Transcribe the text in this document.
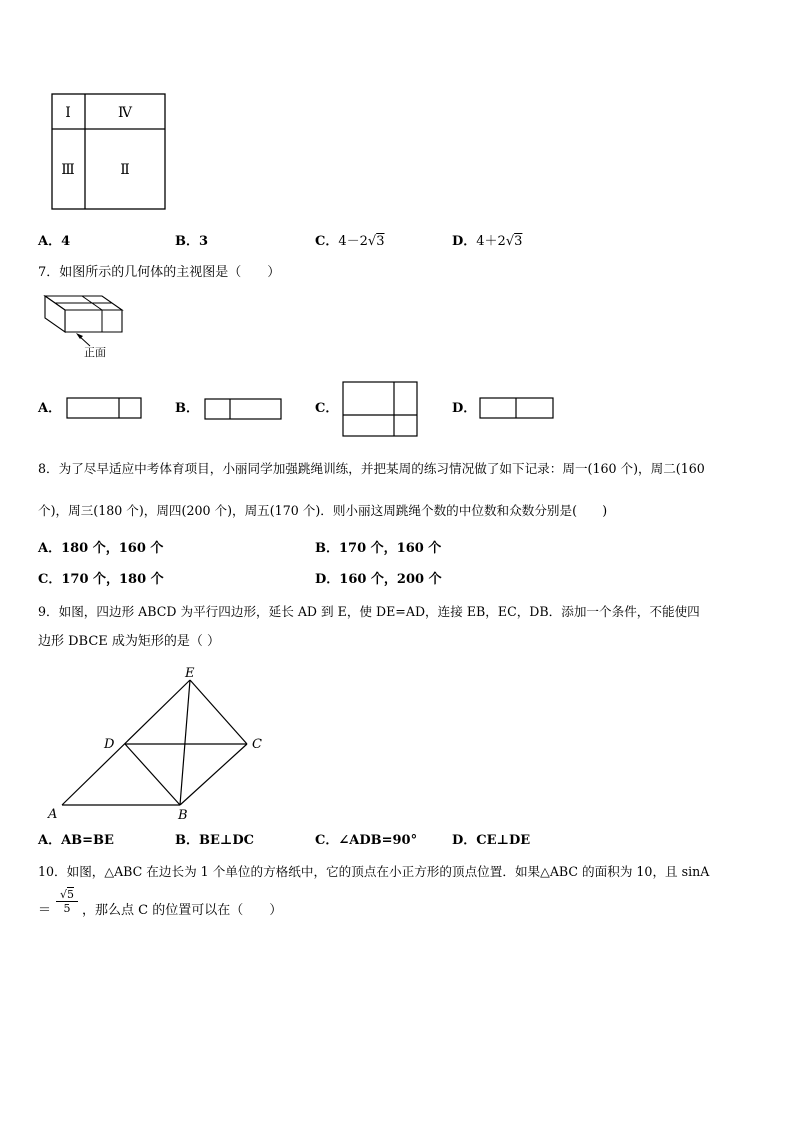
Ⅰ	Ⅳ
Ⅲ	Ⅱ
A．4	B．3	C．4－2√3	D．4＋2√3
7．如图所示的几何体的主视图是（　　）
正面
A．	B．	C．	D．
8．为了尽早适应中考体育项目，小丽同学加强跳绳训练，并把某周的练习情况做了如下记录：周一(160 个)，周二(160
个)，周三(180 个)，周四(200 个)，周五(170 个)．则小丽这周跳绳个数的中位数和众数分别是(　　)
A．180 个，160 个	B．170 个，160 个
C．170 个，180 个	D．160 个，200 个
9．如图，四边形 ABCD 为平行四边形，延长 AD 到 E，使 DE=AD，连接 EB，EC，DB．添加一个条件，不能使四
边形 DBCE 成为矩形的是（ ）
E
D	C
A	B
A．AB=BE	B．BE⊥DC	C．∠ADB=90°	D．CE⊥DE
10．如图，△ABC 在边长为 1 个单位的方格纸中，它的顶点在小正方形的顶点位置．如果△ABC 的面积为 10，且 sinA
＝ $\frac{√5}{5}$ ，那么点 C 的位置可以在（　　）
